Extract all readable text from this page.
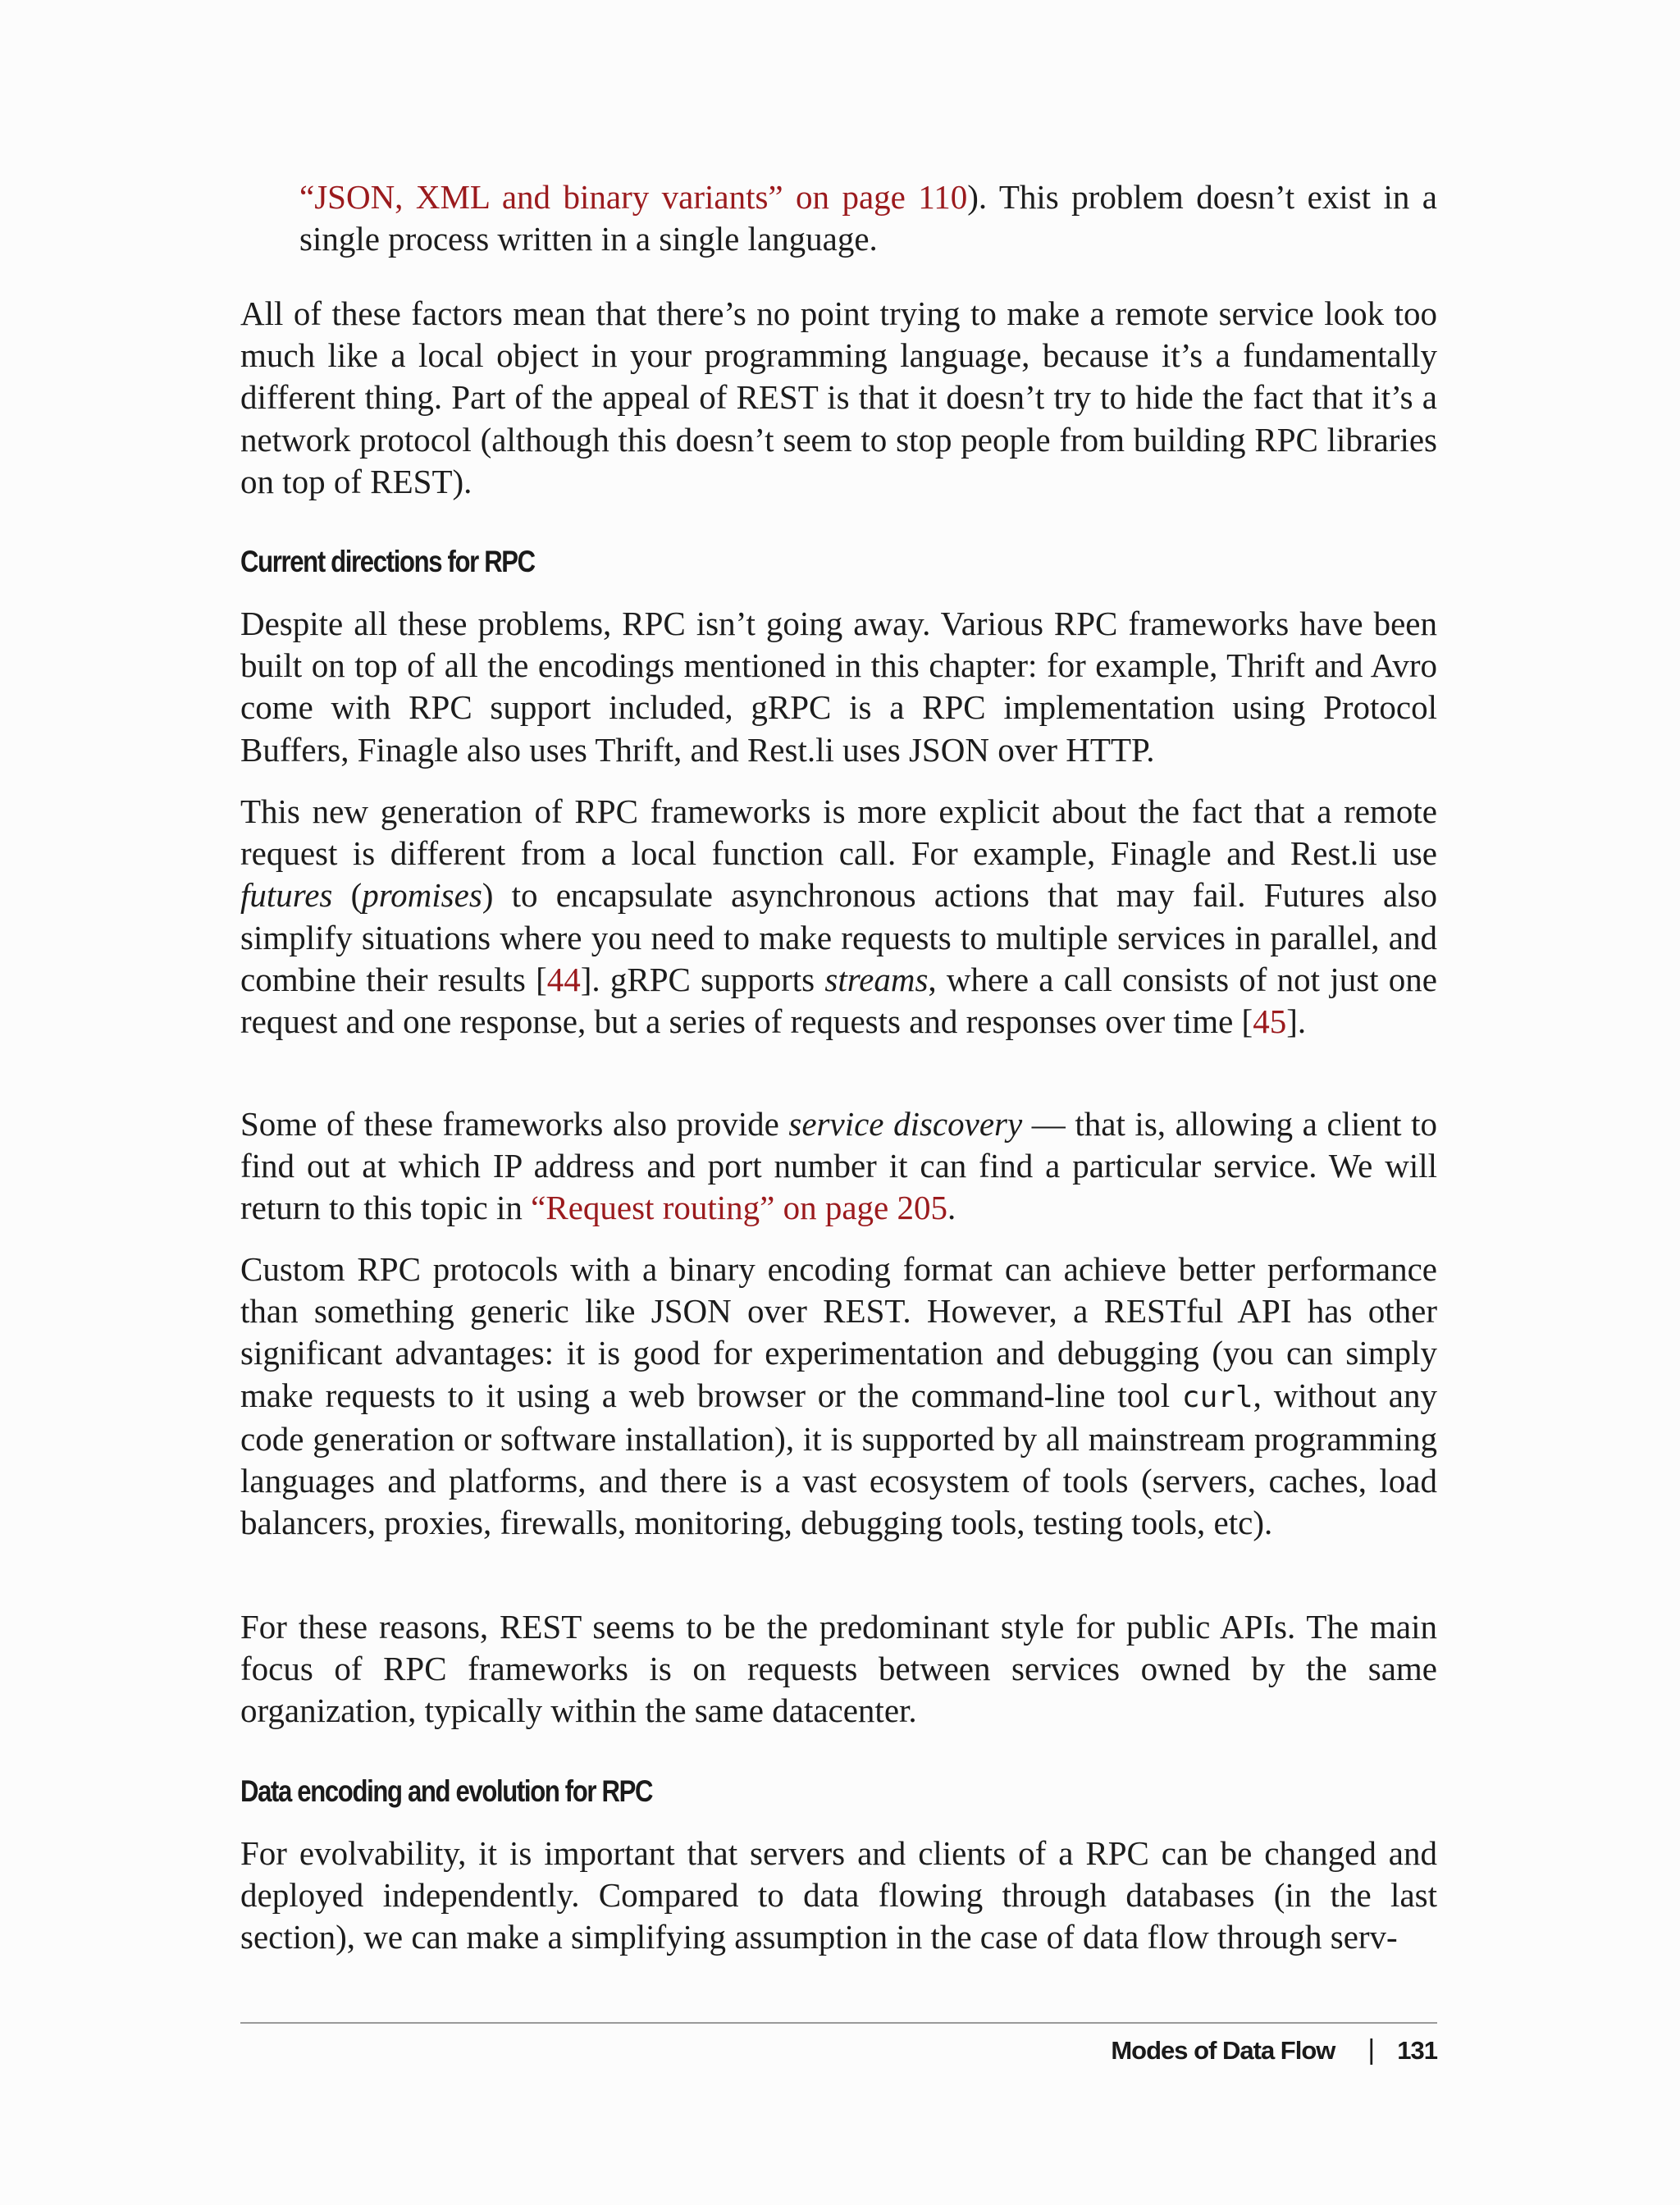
“JSON, XML and binary variants” on page 110). This problem doesn’t exist in a single process written in a single language.

All of these factors mean that there’s no point trying to make a remote service look too much like a local object in your programming language, because it’s a fundamentally different thing. Part of the appeal of REST is that it doesn’t try to hide the fact that it’s a network protocol (although this doesn’t seem to stop people from building RPC libraries on top of REST).

Current directions for RPC

Despite all these problems, RPC isn’t going away. Various RPC frameworks have been built on top of all the encodings mentioned in this chapter: for example, Thrift and Avro come with RPC support included, gRPC is a RPC implementation using Protocol Buffers, Finagle also uses Thrift, and Rest.li uses JSON over HTTP.

This new generation of RPC frameworks is more explicit about the fact that a remote request is different from a local function call. For example, Finagle and Rest.li use futures (promises) to encapsulate asynchronous actions that may fail. Futures also simplify situations where you need to make requests to multiple services in parallel, and combine their results [44]. gRPC supports streams, where a call consists of not just one request and one response, but a series of requests and responses over time [45].

Some of these frameworks also provide service discovery — that is, allowing a client to find out at which IP address and port number it can find a particular service. We will return to this topic in “Request routing” on page 205.

Custom RPC protocols with a binary encoding format can achieve better performance than something generic like JSON over REST. However, a RESTful API has other significant advantages: it is good for experimentation and debugging (you can simply make requests to it using a web browser or the command-line tool curl, without any code generation or software installation), it is supported by all mainstream programming languages and platforms, and there is a vast ecosystem of tools (servers, caches, load balancers, proxies, firewalls, monitoring, debugging tools, testing tools, etc).

For these reasons, REST seems to be the predominant style for public APIs. The main focus of RPC frameworks is on requests between services owned by the same organization, typically within the same datacenter.

Data encoding and evolution for RPC

For evolvability, it is important that servers and clients of a RPC can be changed and deployed independently. Compared to data flowing through databases (in the last section), we can make a simplifying assumption in the case of data flow through serv-

Modes of Data Flow | 131
